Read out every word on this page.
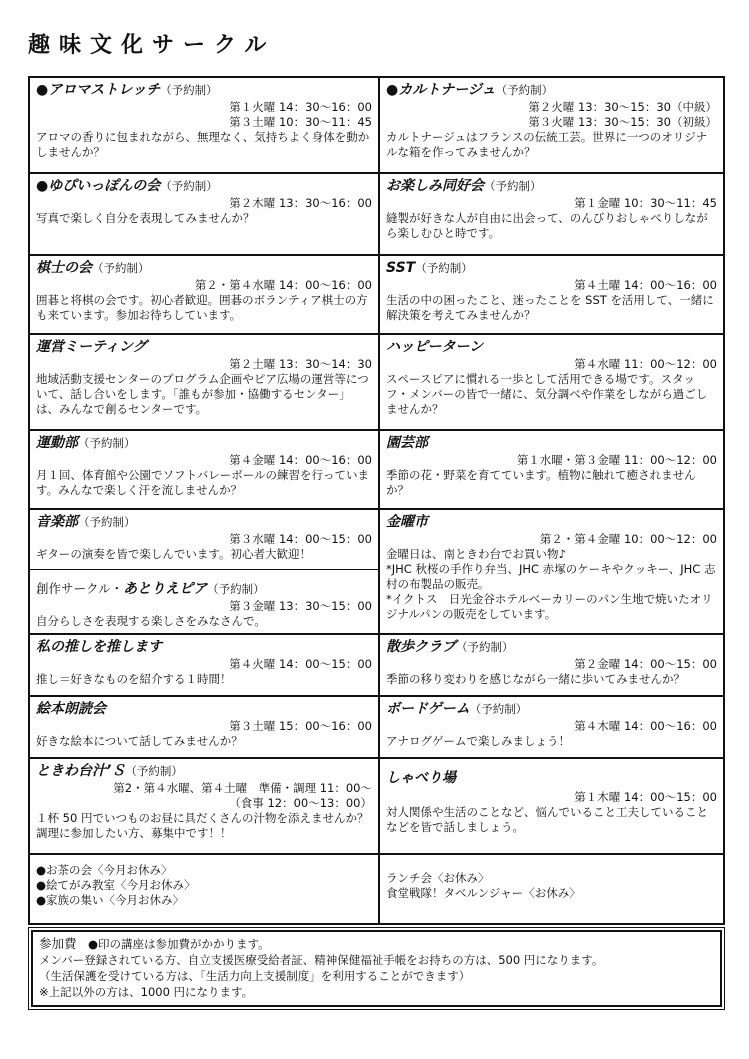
趣味文化サークル
●アロマストレッチ（予約制）
第１火曜 14：30〜16：00
第３土曜 10：30〜11：45
アロマの香りに包まれながら、無理なく、気持ちよく身体を動かしませんか？
●ゆぴいっぽんの会（予約制）
第２木曜 13：30〜16：00
写真で楽しく自分を表現してみませんか？
棋士の会（予約制）
第２・第４水曜 14：00〜16：00
囲碁と将棋の会です。初心者歓迎。囲碁のボランティア棋士の方も来ています。参加お待ちしています。
運営ミーティング
第２土曜 13：30〜14：30
地域活動支援センターのプログラム企画やピア広場の運営等について、話し合いをします。「誰もが参加・協働するセンター」は、みんなで創るセンターです。
運動部（予約制）
第４金曜 14：00〜16：00
月１回、体育館や公園でソフトバレーボールの練習を行っています。みんなで楽しく汗を流しませんか？
音楽部（予約制）
第３水曜 14：00〜15：00
ギターの演奏を皆で楽しんでいます。初心者大歓迎！
創作サークル・あとりえピア（予約制）
第３金曜 13：30〜15：00
自分らしさを表現する楽しさをみなさんで。
私の推しを推します
第４火曜 14：00〜15：00
推し＝好きなものを紹介する１時間！
絵本朗読会
第３土曜 15：00〜16：00
好きな絵本について話してみませんか？
ときわ台汁’Ｓ（予約制）
第2・第４水曜、第４土曜　準備・調理 11：00〜
（食事 12：00〜13：00）
１杯 50 円でいつものお昼に具だくさんの汁物を添えませんか？調理に参加したい方、募集中です！！
●お茶の会〈今月お休み〉
●絵てがみ教室〈今月お休み〉
●家族の集い〈今月お休み〉
●カルトナージュ（予約制）
第２火曜 13：30〜15：30（中級）
第３火曜 13：30〜15：30（初級）
カルトナージュはフランスの伝統工芸。世界に一つのオリジナルな箱を作ってみませんか？
お楽しみ同好会（予約制）
第１金曜 10：30〜11：45
縫製が好きな人が自由に出会って、のんびりおしゃべりしながら楽しむひと時です。
SST（予約制）
第４土曜 14：00〜16：00
生活の中の困ったこと、迷ったことを SST を活用して、一緒に解決策を考えてみませんか？
ハッピーターン
第４水曜 11：00〜12：00
スペースピアに慣れる一歩として活用できる場です。スタッフ・メンバーの皆で一緒に、気分調べや作業をしながら過ごしませんか？
園芸部
第１水曜・第３金曜 11：00〜12：00
季節の花・野菜を育てています。植物に触れて癒されませんか？
金曜市
第２・第４金曜 10：00〜12：00
金曜日は、南ときわ台でお買い物♪
*JHC 秋桜の手作り弁当、JHC 赤塚のケーキやクッキー、JHC 志村の布製品の販売。
*イクトス　日光金谷ホテルベーカリーのパン生地で焼いたオリジナルパンの販売をしています。
散歩クラブ（予約制）
第２金曜 14：00〜15：00
季節の移り変わりを感じながら一緒に歩いてみませんか？
ボードゲーム（予約制）
第４木曜 14：00〜16：00
アナログゲームで楽しみましょう！
しゃべり場
第１木曜 14：00〜15：00
対人関係や生活のことなど、悩んでいること工夫していることなどを皆で話しましょう。
ランチ会〈お休み〉
食堂戦隊！タベルンジャー〈お休み〉
参加費　 ●印の講座は参加費がかかります。
メンバー登録されている方、自立支援医療受給者証、精神保健福祉手帳をお持ちの方は、500 円になります。
（生活保護を受けている方は、「生活力向上支援制度」を利用することができます）
※上記以外の方は、1000 円になります。
